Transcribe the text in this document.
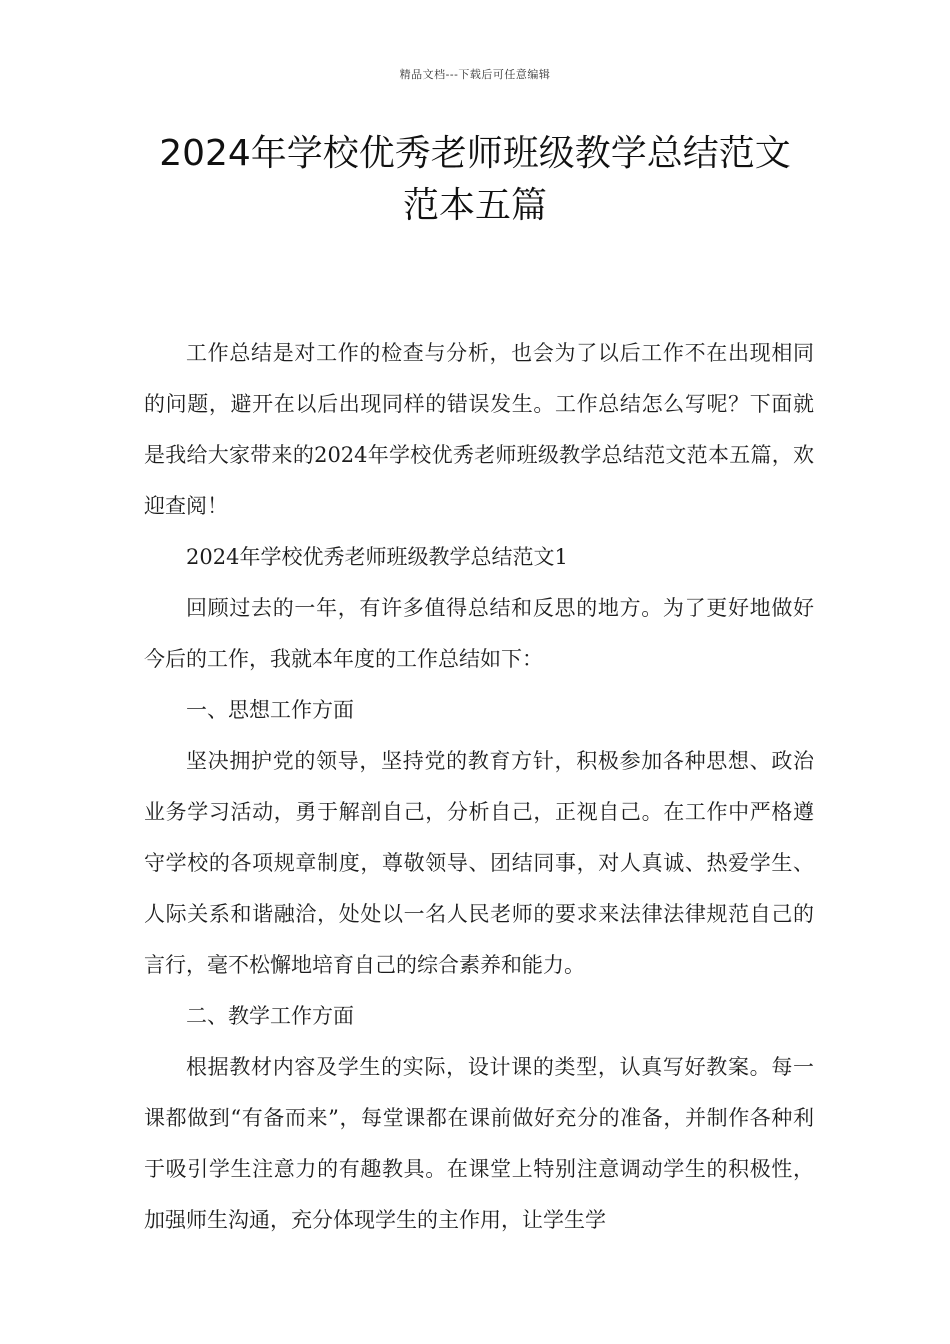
精品文档---下载后可任意编辑
2024年学校优秀老师班级教学总结范文
范本五篇

工作总结是对工作的检查与分析，也会为了以后工作不在出现相同的问题，避开在以后出现同样的错误发生。工作总结怎么写呢？下面就是我给大家带来的2024年学校优秀老师班级教学总结范文范本五篇，欢迎查阅！

2024年学校优秀老师班级教学总结范文1

回顾过去的一年，有许多值得总结和反思的地方。为了更好地做好今后的工作，我就本年度的工作总结如下：

一、思想工作方面

坚决拥护党的领导，坚持党的教育方针，积极参加各种思想、政治业务学习活动，勇于解剖自己，分析自己，正视自己。在工作中严格遵守学校的各项规章制度，尊敬领导、团结同事，对人真诚、热爱学生、人际关系和谐融洽，处处以一名人民老师的要求来法律法律规范自己的言行，毫不松懈地培育自己的综合素养和能力。

二、教学工作方面

根据教材内容及学生的实际，设计课的类型，认真写好教案。每一课都做到“有备而来”，每堂课都在课前做好充分的准备，并制作各种利于吸引学生注意力的有趣教具。在课堂上特别注意调动学生的积极性，加强师生沟通，充分体现学生的主作用，让学生学
